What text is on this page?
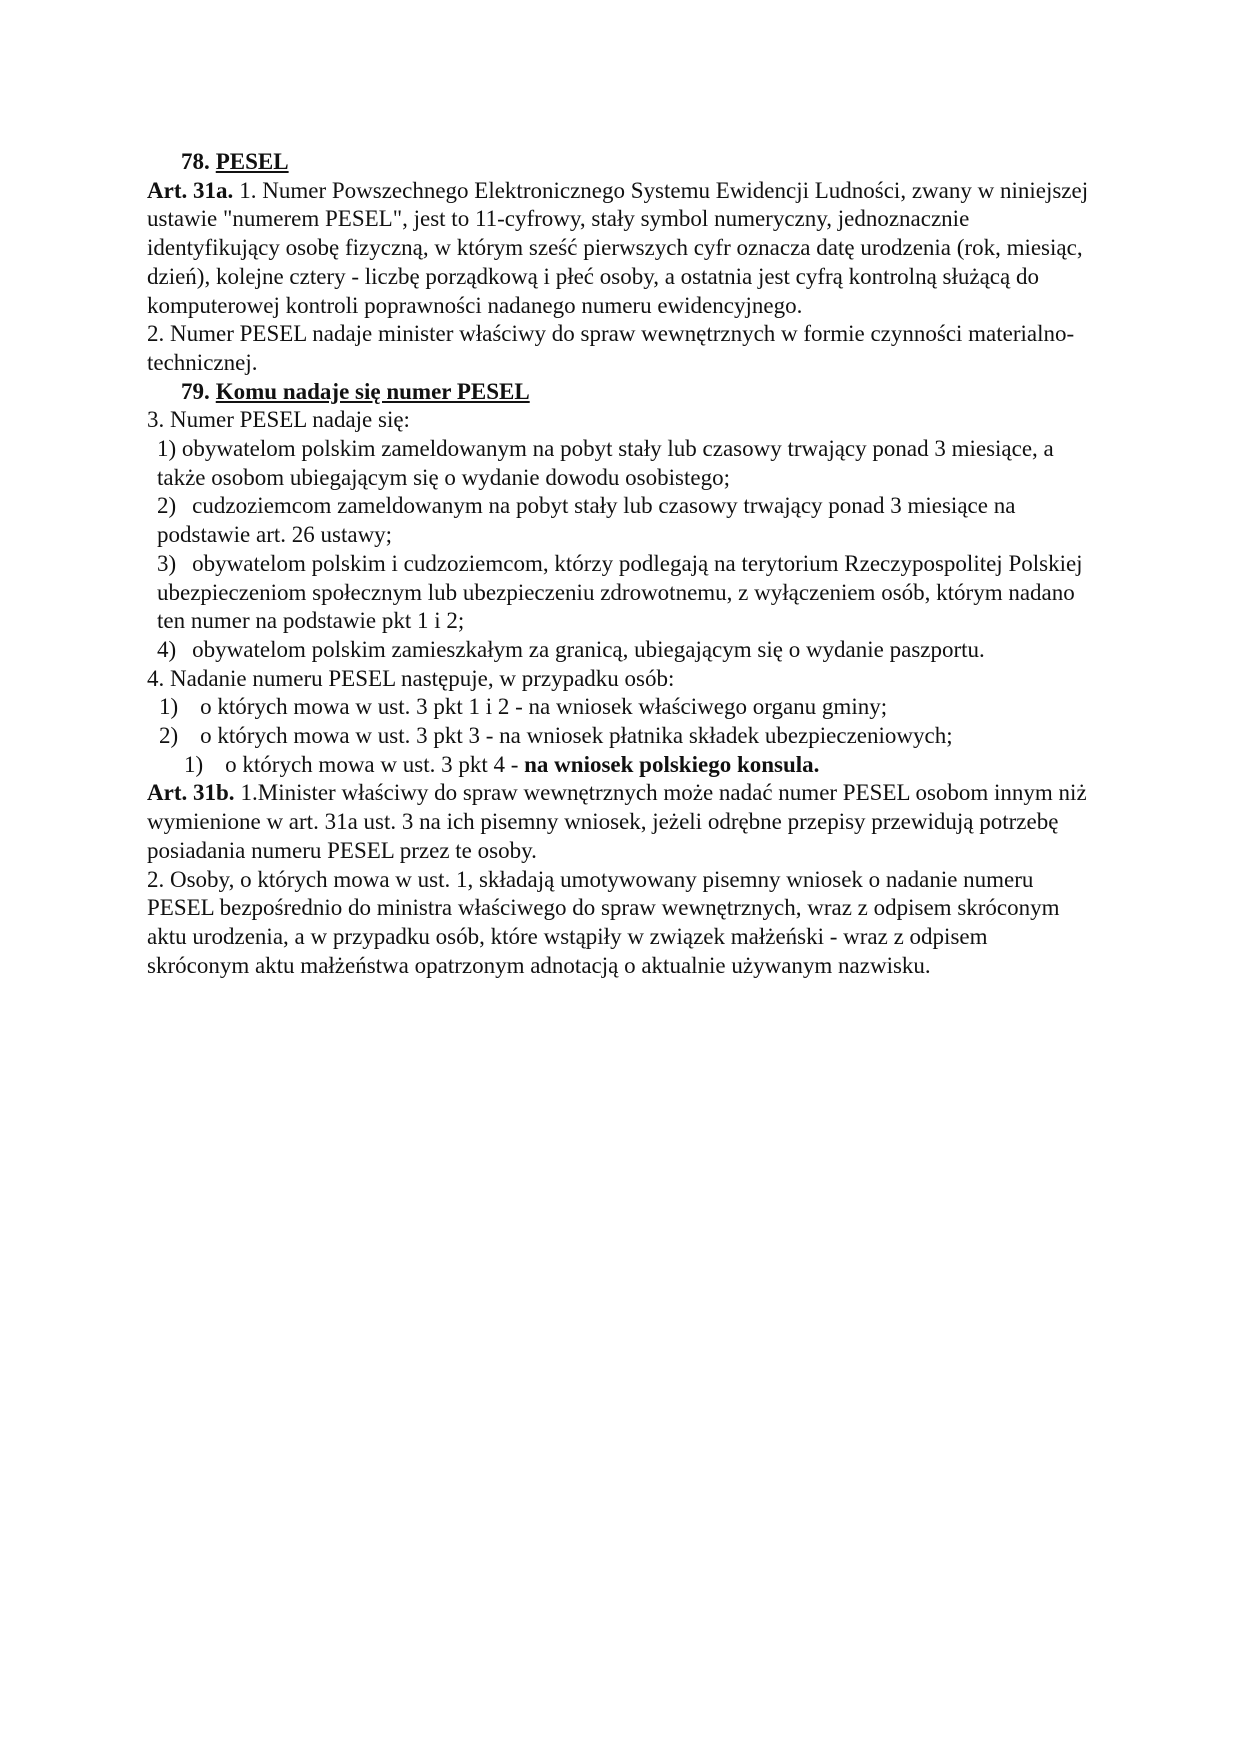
78. PESEL

Art. 31a. 1. Numer Powszechnego Elektronicznego Systemu Ewidencji Ludności, zwany w niniejszej ustawie "numerem PESEL", jest to 11-cyfrowy, stały symbol numeryczny, jednoznacznie identyfikujący osobę fizyczną, w którym sześć pierwszych cyfr oznacza datę urodzenia (rok, miesiąc, dzień), kolejne cztery - liczbę porządkową i płeć osoby, a ostatnia jest cyfrą kontrolną służącą do komputerowej kontroli poprawności nadanego numeru ewidencyjnego.

2. Numer PESEL nadaje minister właściwy do spraw wewnętrznych w formie czynności materialno-technicznej.

79. Komu nadaje się numer PESEL

3. Numer PESEL nadaje się:

1) obywatelom polskim zameldowanym na pobyt stały lub czasowy trwający ponad 3 miesiące, a także osobom ubiegającym się o wydanie dowodu osobistego;

2) cudzoziemcom zameldowanym na pobyt stały lub czasowy trwający ponad 3 miesiące na podstawie art. 26 ustawy;

3) obywatelom polskim i cudzoziemcom, którzy podlegają na terytorium Rzeczypospolitej Polskiej ubezpieczeniom społecznym lub ubezpieczeniu zdrowotnemu, z wyłączeniem osób, którym nadano ten numer na podstawie pkt 1 i 2;

4) obywatelom polskim zamieszkałym za granicą, ubiegającym się o wydanie paszportu.

4. Nadanie numeru PESEL następuje, w przypadku osób:

1) o których mowa w ust. 3 pkt 1 i 2 - na wniosek właściwego organu gminy;

2) o których mowa w ust. 3 pkt 3 - na wniosek płatnika składek ubezpieczeniowych;

1) o których mowa w ust. 3 pkt 4 - na wniosek polskiego konsula.

Art. 31b. 1.Minister właściwy do spraw wewnętrznych może nadać numer PESEL osobom innym niż wymienione w art. 31a ust. 3 na ich pisemny wniosek, jeżeli odrębne przepisy przewidują potrzebę posiadania numeru PESEL przez te osoby.

2. Osoby, o których mowa w ust. 1, składają umotywowany pisemny wniosek o nadanie numeru PESEL bezpośrednio do ministra właściwego do spraw wewnętrznych, wraz z odpisem skróconym aktu urodzenia, a w przypadku osób, które wstąpiły w związek małżeński - wraz z odpisem skróconym aktu małżeństwa opatrzonym adnotacją o aktualnie używanym nazwisku.
